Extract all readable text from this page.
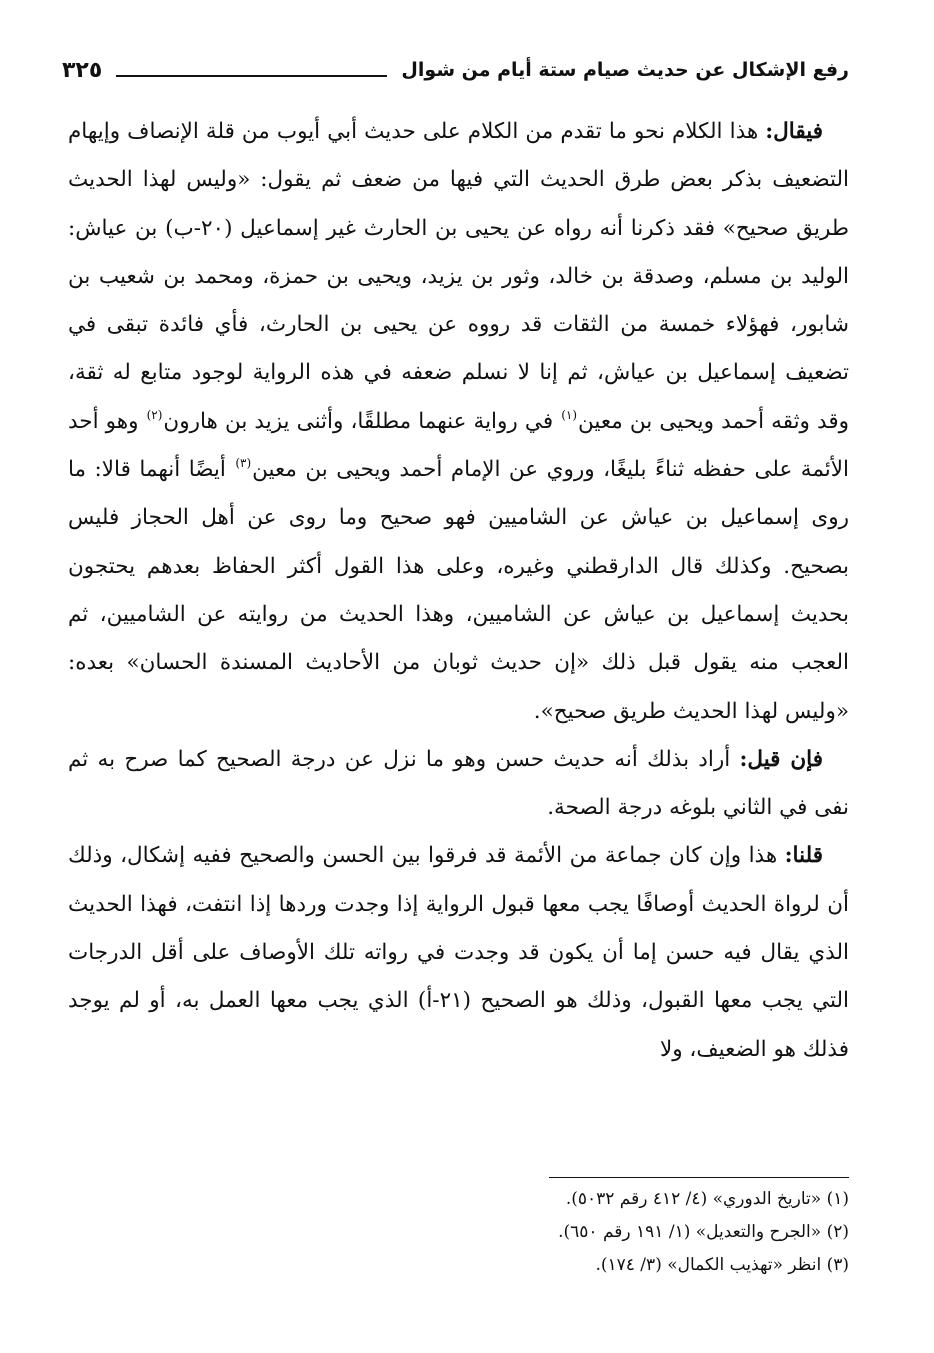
رفع الإشكال عن حديث صيام ستة أيام من شوال
٣٢٥

فيقال: هذا الكلام نحو ما تقدم من الكلام على حديث أبي أيوب من قلة الإنصاف وإيهام التضعيف بذكر بعض طرق الحديث التي فيها من ضعف ثم يقول: «وليس لهذا الحديث طريق صحيح» فقد ذكرنا أنه رواه عن يحيى بن الحارث غير إسماعيل (٢٠-ب) بن عياش: الوليد بن مسلم، وصدقة بن خالد، وثور بن يزيد، ويحيى بن حمزة، ومحمد بن شعيب بن شابور، فهؤلاء خمسة من الثقات قد رووه عن يحيى بن الحارث، فأي فائدة تبقى في تضعيف إسماعيل بن عياش، ثم إنا لا نسلم ضعفه في هذه الرواية لوجود متابع له ثقة، وقد وثقه أحمد ويحيى بن معين$^{(١)}$ في رواية عنهما مطلقًا، وأثنى يزيد بن هارون$^{(٢)}$ وهو أحد الأئمة على حفظه ثناءً بليغًا، وروي عن الإمام أحمد ويحيى بن معين$^{(٣)}$ أيضًا أنهما قالا: ما روى إسماعيل بن عياش عن الشاميين فهو صحيح وما روى عن أهل الحجاز فليس بصحيح. وكذلك قال الدارقطني وغيره، وعلى هذا القول أكثر الحفاظ بعدهم يحتجون بحديث إسماعيل بن عياش عن الشاميين، وهذا الحديث من روايته عن الشاميين، ثم العجب منه يقول قبل ذلك «إن حديث ثوبان من الأحاديث المسندة الحسان» بعده: «وليس لهذا الحديث طريق صحيح».

فإن قيل: أراد بذلك أنه حديث حسن وهو ما نزل عن درجة الصحيح كما صرح به ثم نفى في الثاني بلوغه درجة الصحة.

قلنا: هذا وإن كان جماعة من الأئمة قد فرقوا بين الحسن والصحيح ففيه إشكال، وذلك أن لرواة الحديث أوصافًا يجب معها قبول الرواية إذا وجدت وردها إذا انتفت، فهذا الحديث الذي يقال فيه حسن إما أن يكون قد وجدت في رواته تلك الأوصاف على أقل الدرجات التي يجب معها القبول، وذلك هو الصحيح (٢١-أ) الذي يجب معها العمل به، أو لم يوجد فذلك هو الضعيف، ولا

(١) «تاريخ الدوري» (٤/ ٤١٢ رقم ٥٠٣٢).
(٢) «الجرح والتعديل» (١/ ١٩١ رقم ٦٥٠).
(٣) انظر «تهذيب الكمال» (٣/ ١٧٤).
